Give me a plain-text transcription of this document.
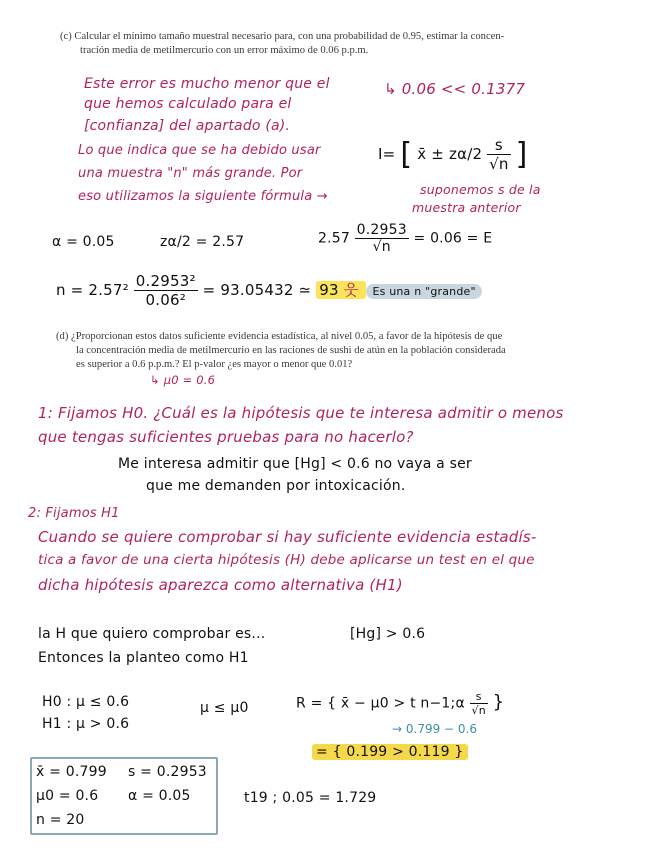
(c) Calcular el mínimo tamaño muestral necesario para, con una probabilidad de 0.95, estimar la concen-
tración media de metilmercurio con un error máximo de 0.06 p.p.m.
Este error es mucho menor que el
que hemos calculado para el
[confianza] del apartado (a).
Lo que indica que se ha debido usar
una muestra "n" más grande. Por
eso utilizamos la siguiente fórmula →
↳ 0.06 << 0.1377
I= [ x̄ ± $z\alpha/2 \frac{s}{√n}$ ]
suponemos s de la
muestra anterior
α = 0.05	zα/2 = 2.57	$2.57 \frac{0.2953}{√n} = 0.06 = E$
$n = 2.57^2 \frac{\text{0.2953²}}{\text{0.06²}} = 93.05432$ ≃ 93 웃 Es una n "grande"
(d) ¿Proporcionan estos datos suficiente evidencia estadística, al nivel 0.05, a favor de la hipótesis de que
la concentración media de metilmercurio en las raciones de sushi de atún en la población considerada
es superior a 0.6 p.p.m.? El p-valor ¿es mayor o menor que 0.01?
↳ μ0 = 0.6
1: Fijamos H0. ¿Cuál es la hipótesis que te interesa admitir o menos
que tengas suficientes pruebas para no hacerlo?
Me interesa admitir que [Hg] < 0.6 no vaya a ser
que me demanden por intoxicación.
2: Fijamos H1
Cuando se quiere comprobar si hay suficiente evidencia estadís-
tica a favor de una cierta hipótesis (H) debe aplicarse un test en el que
dicha hipótesis aparezca como alternativa (H1)
la H que quiero comprobar es...	[Hg] > 0.6
Entonces la planteo como H1
H0 : μ ≤ 0.6
H1 : μ > 0.6
μ ≤ μ0	R = { x̄ − μ0 > t n−1;α $\frac{s}{√n}$ }
→ 0.799 − 0.6
= { 0.199 > 0.119 }
x̄ = 0.799 s = 0.2953
μ0 = 0.6 α = 0.05
n = 20
t19 ; 0.05 = 1.729
